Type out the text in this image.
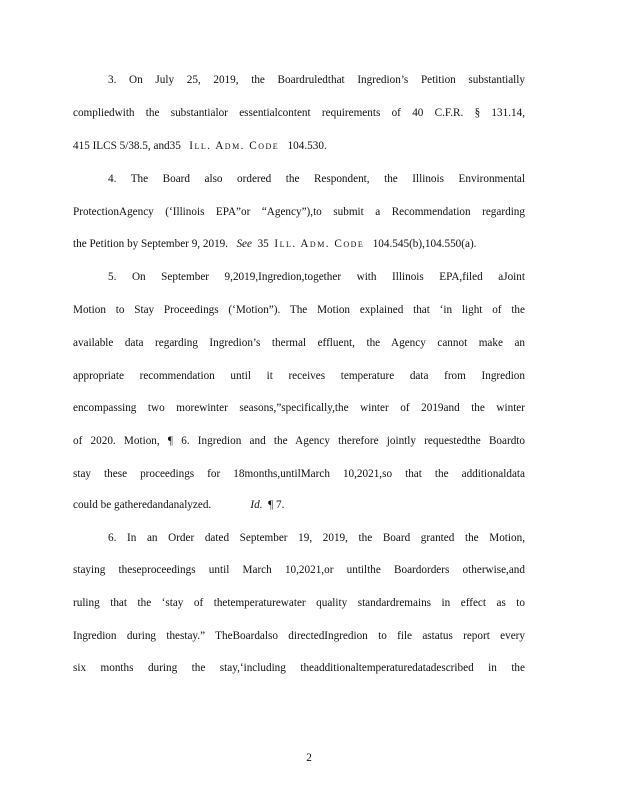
3. On July 25, 2019, the Boardruledthat Ingredion’s Petition substantially
compliedwith the substantialor essentialcontent requirements of 40 C.F.R. § 131.14,
415 ILCS 5/38.5, and35 Ill. Adm. Code 104.530.
4. The Board also ordered the Respondent, the Illinois Environmental
ProtectionAgency (‘Illinois EPA”or “Agency”),to submit a Recommendation regarding
the Petition by September 9, 2019. See 35 Ill. Adm. Code 104.545(b),104.550(a).
5. On September 9,2019,Ingredion,together with Illinois EPA,filed aJoint
Motion to Stay Proceedings (‘Motion”). The Motion explained that ‘in light of the
available data regarding Ingredion’s thermal effluent, the Agency cannot make an
appropriate recommendation until it receives temperature data from Ingredion
encompassing two morewinter seasons,”specifically,the winter of 2019and the winter
of 2020. Motion, ¶ 6. Ingredion and the Agency therefore jointly requestedthe Boardto
stay these proceedings for 18months,untilMarch 10,2021,so that the additionaldata
could be gatheredandanalyzed.	Id. ¶ 7.
6. In an Order dated September 19, 2019, the Board granted the Motion,
staying theseproceedings until March 10,2021,or untilthe Boardorders otherwise,and
ruling that the ‘stay of thetemperaturewater quality standardremains in effect as to
Ingredion during thestay.” TheBoardalso directedIngredion to file astatus report every
six months during the stay,‘including theadditionaltemperaturedatadescribed in the
2
